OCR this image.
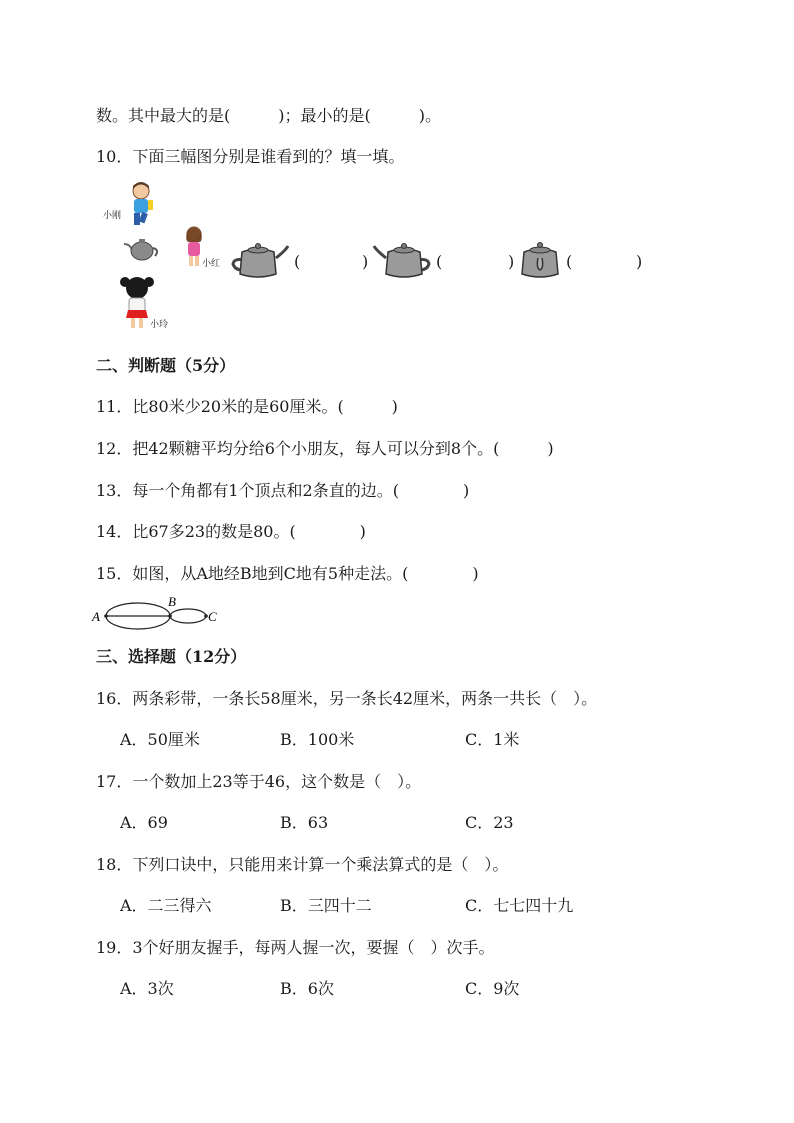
数。其中最大的是(　　　)；最小的是(　　　)。
10．下面三幅图分别是谁看到的？填一填。
小刚
小红
小玲
(	)	(	)	(	)
二、判断题（5分）
11．比80米少20米的是60厘米。(　　　)
12．把42颗糖平均分给6个小朋友，每人可以分到8个。(　　　)
13．每一个角都有1个顶点和2条直的边。(　　　　)
14．比67多23的数是80。(　　　　)
15．如图，从A地经B地到C地有5种走法。(　　　　)
A
B
C
三、选择题（12分）
16．两条彩带，一条长58厘米，另一条长42厘米，两条一共长（　）。
A．50厘米	B．100米	C．1米
17．一个数加上23等于46，这个数是（　）。
A．69	B．63	C．23
18．下列口诀中，只能用来计算一个乘法算式的是（　）。
A．二三得六	B．三四十二	C．七七四十九
19．3个好朋友握手，每两人握一次，要握（　）次手。
A．3次	B．6次	C．9次
